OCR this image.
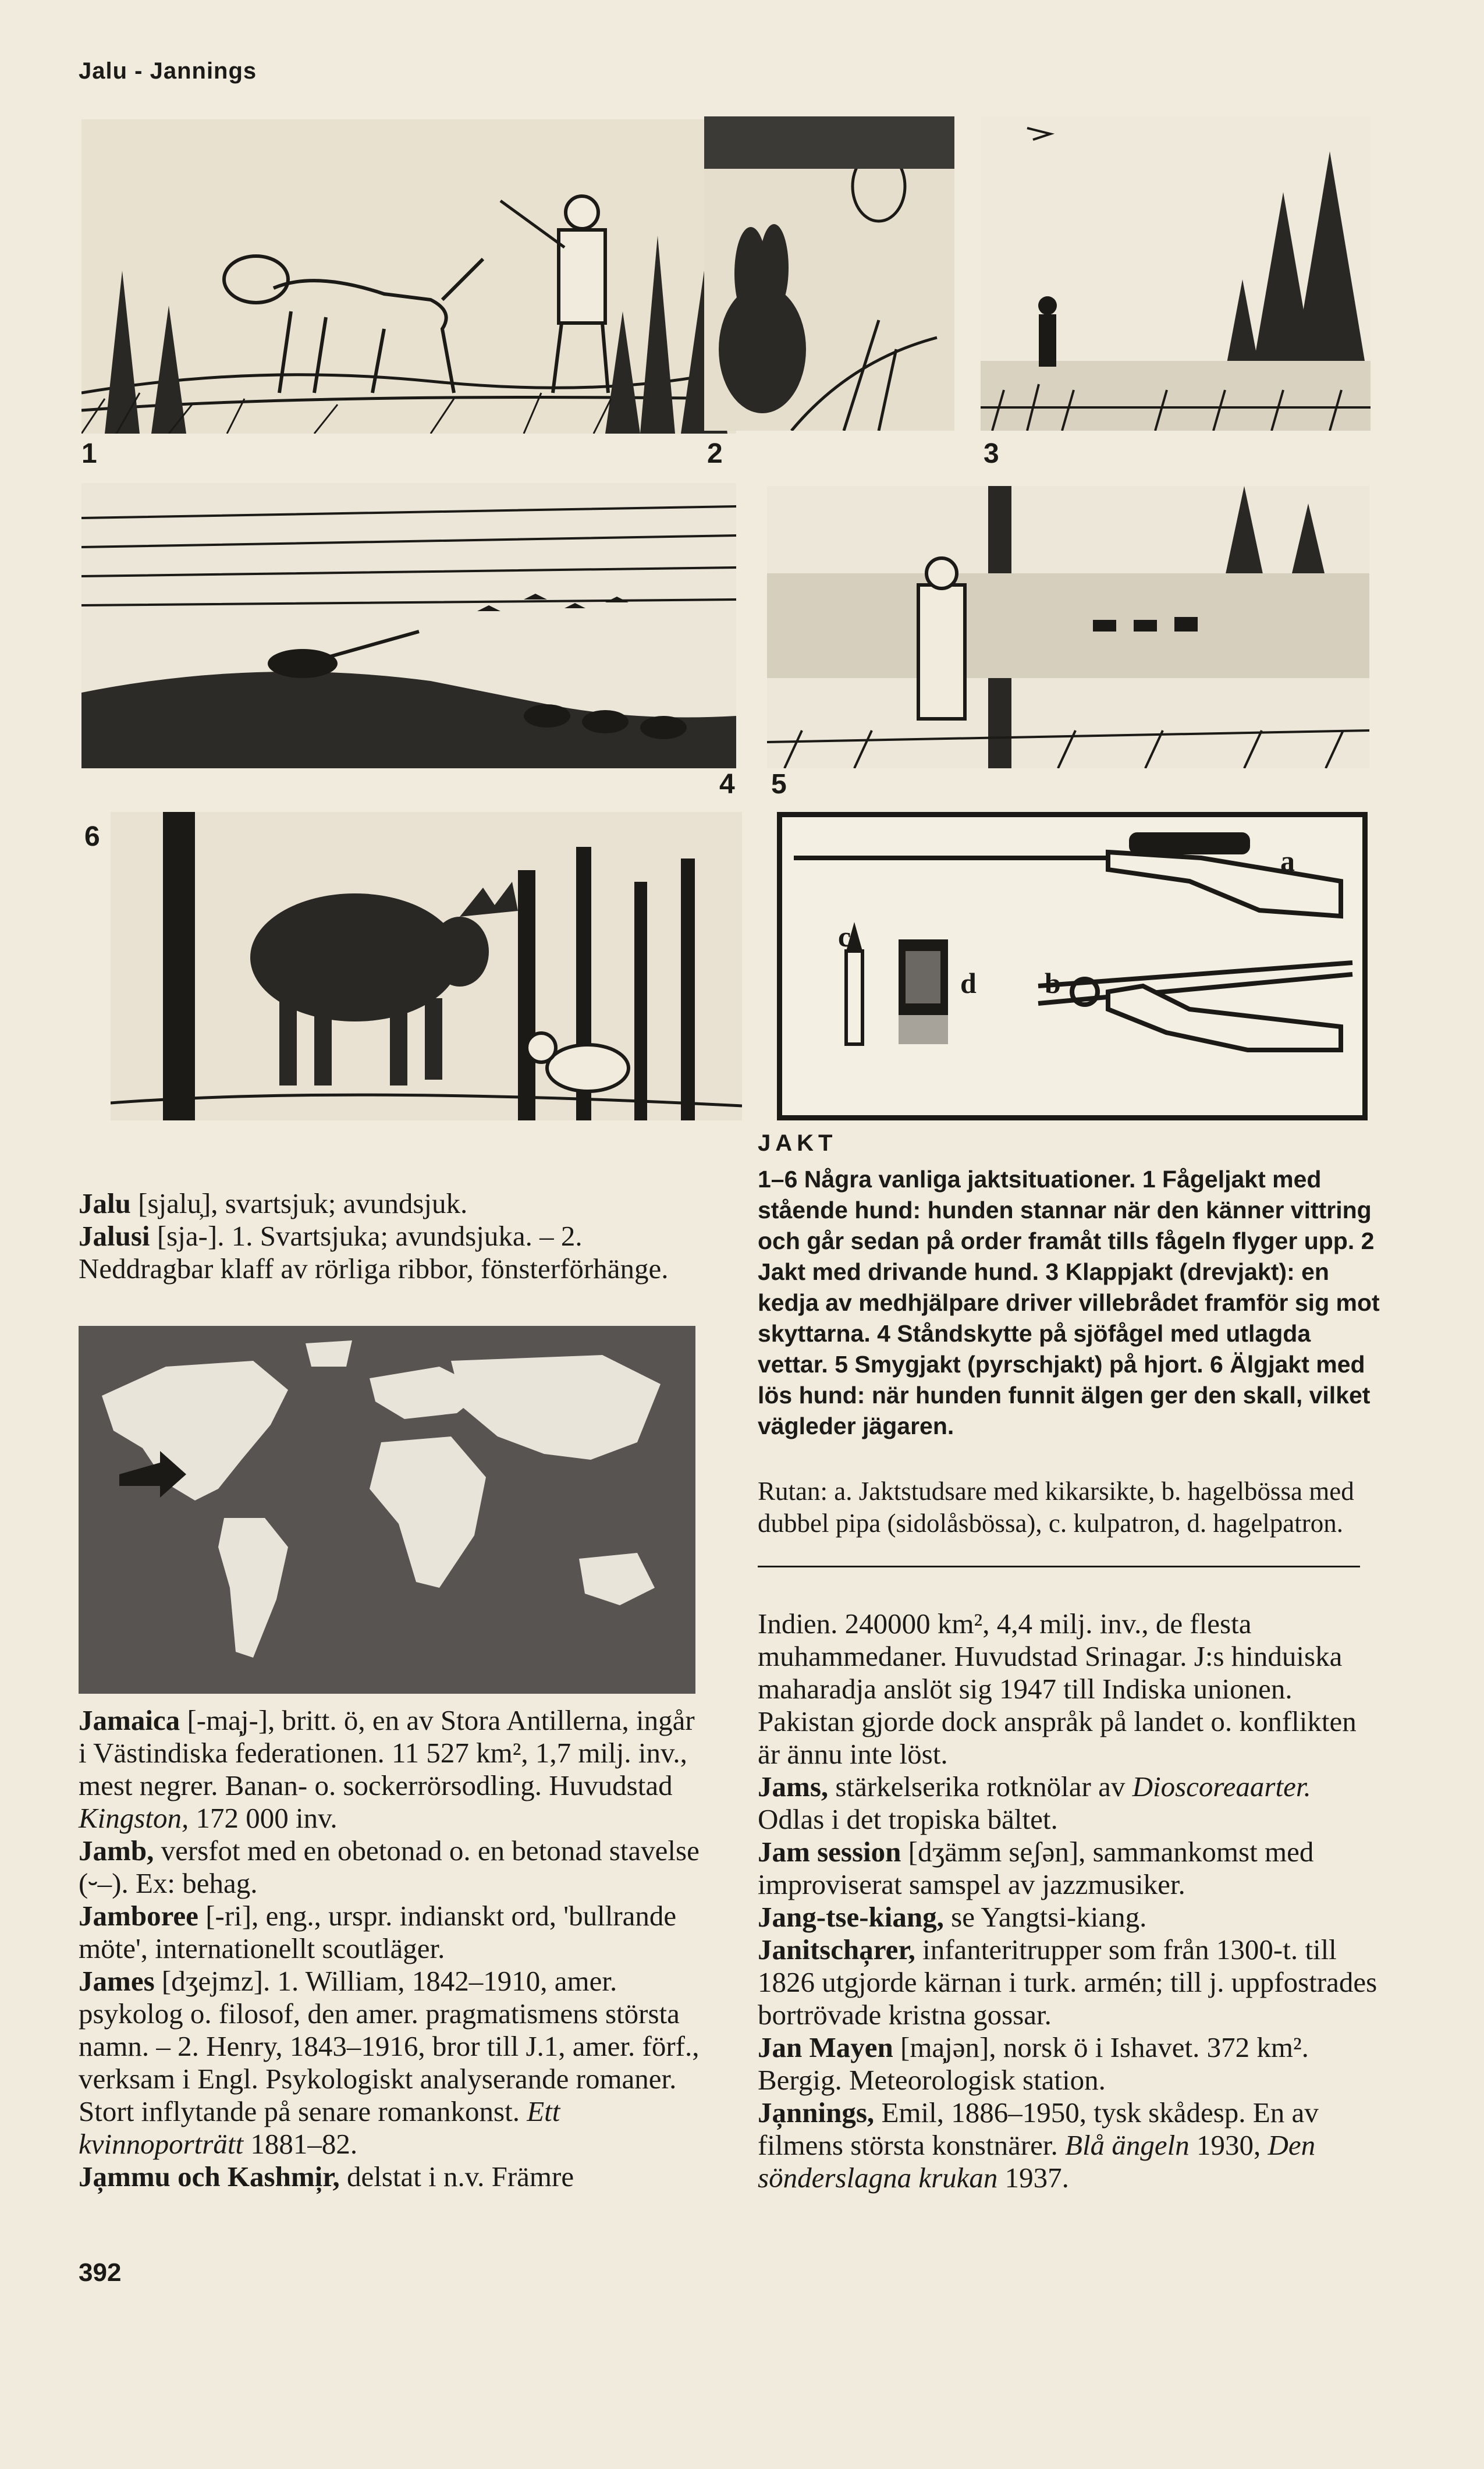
Jalu - Jannings
1	2	3
4 5
6
a
c
d b
JAKT
1–6 Några vanliga jaktsituationer. 1 Fågeljakt med stående hund: hunden stannar när den känner vittring och går sedan på order framåt tills fågeln flyger upp. 2 Jakt med drivande hund. 3 Klappjakt (drevjakt): en kedja av medhjälpare driver villebrådet framför sig mot skyttarna. 4 Ståndskytte på sjöfågel med utlagda vettar. 5 Smygjakt (pyrschjakt) på hjort. 6 Älgjakt med lös hund: när hunden funnit älgen ger den skall, vilket vägleder jägaren.
Rutan: a. Jaktstudsare med kikarsikte, b. hagelbössa med dubbel pipa (sidolåsbössa), c. kulpatron, d. hagelpatron.

Jalu [sjalu̦], svartsjuk; avundsjuk.

Jalusi [sja-]. 1. Svartsjuka; avundsjuka. – 2. Neddragbar klaff av rörliga ribbor, fönsterförhänge.

Jamaica [-ma̦j-], britt. ö, en av Stora Antillerna, ingår i Västindiska federationen. 11 527 km², 1,7 milj. inv., mest negrer. Banan- o. sockerrörsodling. Huvudstad Kingston, 172 000 inv.

Jamb, versfot med en obetonad o. en betonad stavelse (⏑–). Ex: behag.

Jamboree [-ri], eng., urspr. indianskt ord, 'bullrande möte', internationellt scoutläger.

James [dʒejmz]. 1. William, 1842–1910, amer. psykolog o. filosof, den amer. pragmatismens största namn. – 2. Henry, 1843–1916, bror till J.1, amer. förf., verksam i Engl. Psykologiskt analyserande romaner. Stort inflytande på senare romankonst. Ett kvinnoporträtt 1881–82.

Ja̦mmu och Kashmi̦r, delstat i n.v. Främre

Indien. 240000 km², 4,4 milj. inv., de flesta muhammedaner. Huvudstad Srinagar. J:s hinduiska maharadja anslöt sig 1947 till Indiska unionen. Pakistan gjorde dock anspråk på landet o. konflikten är ännu inte löst.

Jams, stärkelserika rotknölar av Dioscoreaarter. Odlas i det tropiska bältet.

Jam session [dʒämm se̦ʃən], sammankomst med improviserat samspel av jazzmusiker.

Jang-tse-kiang, se Yangtsi-kiang.

Janitscha̦rer, infanteritrupper som från 1300-t. till 1826 utgjorde kärnan i turk. armén; till j. uppfostrades bortrövade kristna gossar.

Jan Mayen [ma̦jən], norsk ö i Ishavet. 372 km². Bergig. Meteorologisk station.

Ja̦nnings, Emil, 1886–1950, tysk skådesp. En av filmens största konstnärer. Blå ängeln 1930, Den sönderslagna krukan 1937.

392
